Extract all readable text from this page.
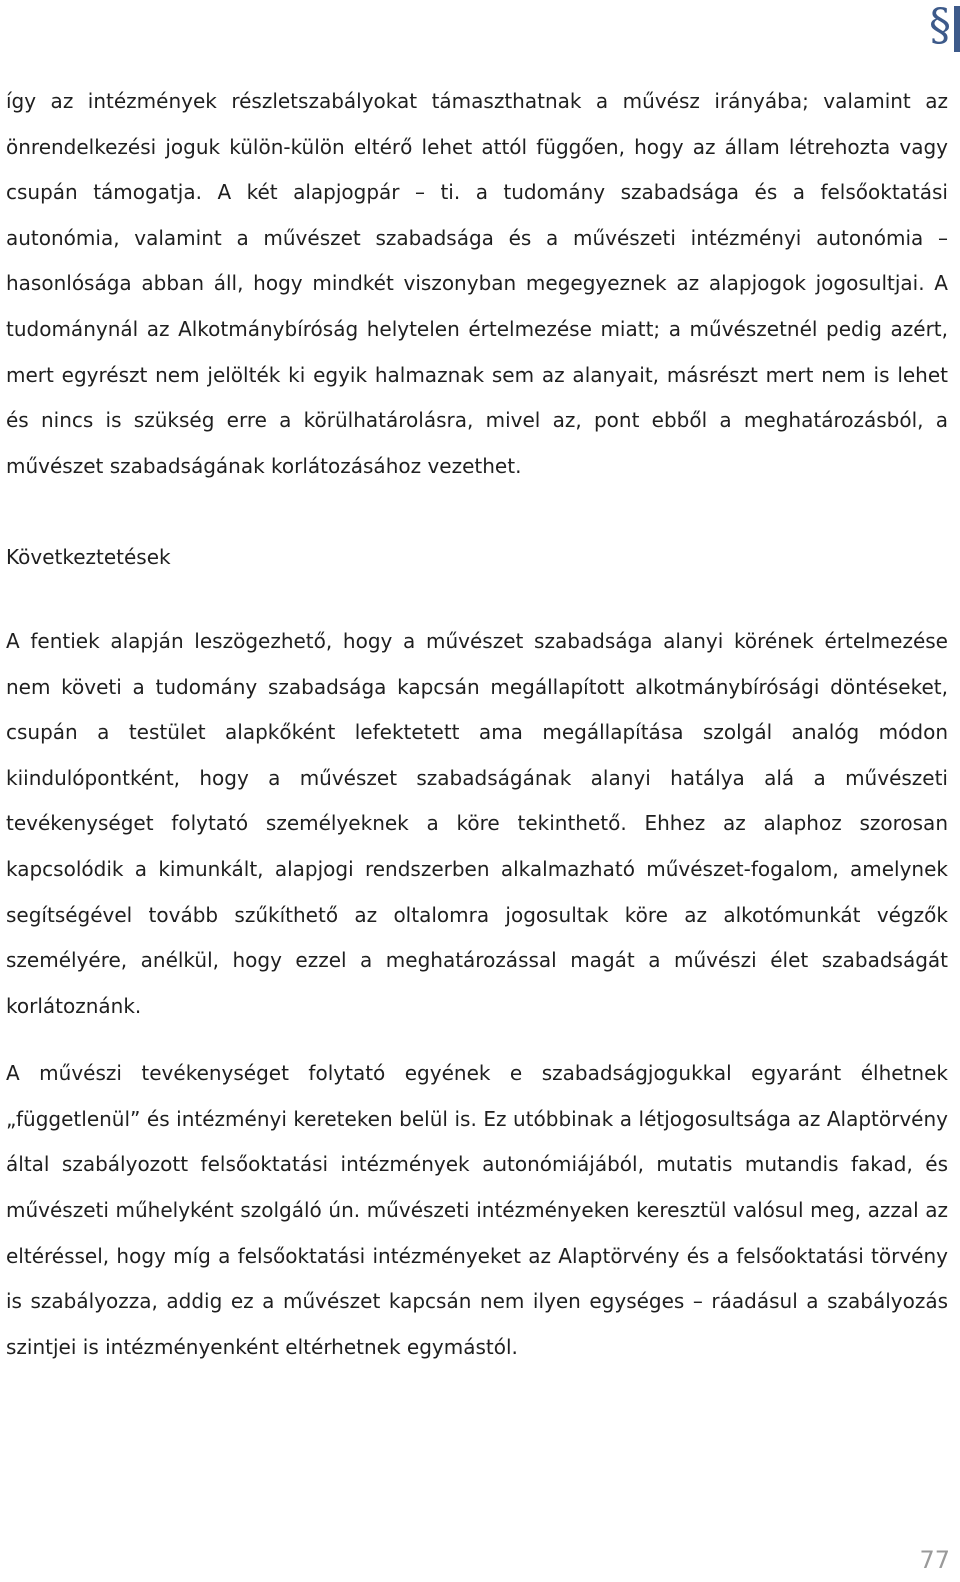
§

így az intézmények részletszabályokat támaszthatnak a művész irányába; valamint az önrendelkezési joguk külön-külön eltérő lehet attól függően, hogy az állam létrehozta vagy csupán támogatja. A két alapjogpár – ti. a tudomány szabadsága és a felsőoktatási autonómia, valamint a művészet szabadsága és a művészeti intézményi autonómia – hasonlósága abban áll, hogy mindkét viszonyban megegyeznek az alapjogok jogosultjai. A tudománynál az Alkotmánybíróság helytelen értelmezése miatt; a művészetnél pedig azért, mert egyrészt nem jelölték ki egyik halmaznak sem az alanyait, másrészt mert nem is lehet és nincs is szükség erre a körülhatárolásra, mivel az, pont ebből a meghatározásból, a művészet szabadságának korlátozásához vezethet.

Következtetések

A fentiek alapján leszögezhető, hogy a művészet szabadsága alanyi körének értelmezése nem követi a tudomány szabadsága kapcsán megállapított alkotmánybírósági döntéseket, csupán a testület alapkőként lefektetett ama megállapítása szolgál analóg módon kiindulópontként, hogy a művészet szabadságának alanyi hatálya alá a művészeti tevékenységet folytató személyeknek a köre tekinthető. Ehhez az alaphoz szorosan kapcsolódik a kimunkált, alapjogi rendszerben alkalmazható művészet-fogalom, amelynek segítségével tovább szűkíthető az oltalomra jogosultak köre az alkotómunkát végzők személyére, anélkül, hogy ezzel a meghatározással magát a művészi élet szabadságát korlátoznánk.

A művészi tevékenységet folytató egyének e szabadságjogukkal egyaránt élhetnek „függetlenül” és intézményi kereteken belül is. Ez utóbbinak a létjogosultsága az Alaptörvény által szabályozott felsőoktatási intézmények autonómiájából, mutatis mutandis fakad, és művészeti műhelyként szolgáló ún. művészeti intézményeken keresztül valósul meg, azzal az eltéréssel, hogy míg a felsőoktatási intézményeket az Alaptörvény és a felsőoktatási törvény is szabályozza, addig ez a művészet kapcsán nem ilyen egységes – ráadásul a szabályozás szintjei is intézményenként eltérhetnek egymástól.

77
